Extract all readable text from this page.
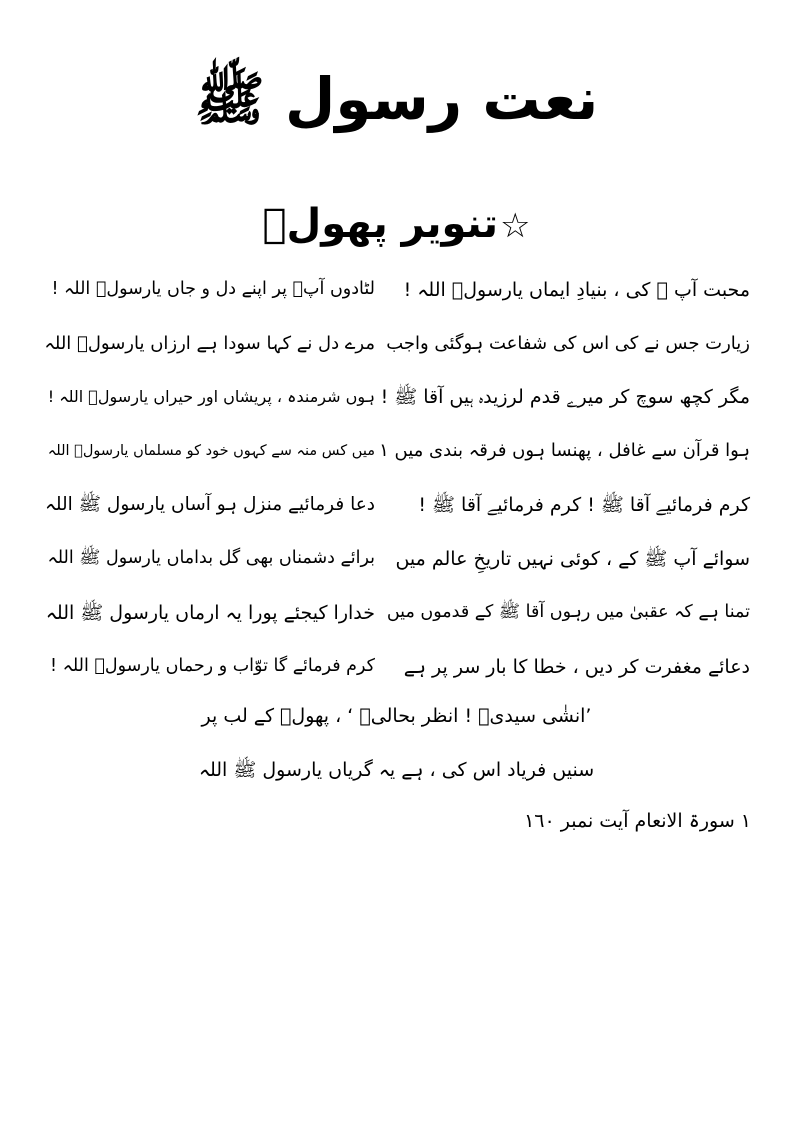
نعت رسول ﷺ
تنویر پھولؔ☆
محبت آپ ﷺ کی ، بنیادِ ایماں یارسولؔ اللہ !
لٹادوں آپؐ پر اپنے دل و جاں یارسولؔ اللہ !
زیارت جس نے کی اس کی شفاعت ہوگئی واجب
مرے دل نے کہا سودا ہے ارزاں یارسولؔ اللہ
مگر کچھ سوچ کر میرے قدم لرزیدہ ہیں آقا ﷺ !
ہوں شرمندہ ، پریشاں اور حیراں یارسولؔ اللہ !
ہوا قرآن سے غافل ، پھنسا ہوں فرقہ بندی میں ١
میں کس منہ سے کہوں خود کو مسلماں یارسولؔ اللہ
کرم فرمائیے آقا ﷺ ! کرم فرمائیے آقا ﷺ !
دعا فرمائیے منزل ہو آساں یارسول ﷺ اللہ
سوائے آپ ﷺ کے ، کوئی نہیں تاریخِ عالم میں
برائے دشمناں بھی گل بداماں یارسول ﷺ اللہ
تمنا ہے کہ عقبیٰ میں رہوں آقا ﷺ کے قدموں میں
خدارا کیجئے پورا یہ ارماں یارسول ﷺ اللہ
دعائے مغفرت کر دیں ، خطا کا بار سر پر ہے
کرم فرمائے گا توّاب و رحماں یارسولؔ اللہ !
’انشٰی سیدیؐ ! انظر بحالیؐ ‘ ، پھولؔ کے لب پر
سنیں فریاد اس کی ، ہے یہ گریاں یارسول ﷺ اللہ
١ سورۃ الانعام آیت نمبر ١٦٠
